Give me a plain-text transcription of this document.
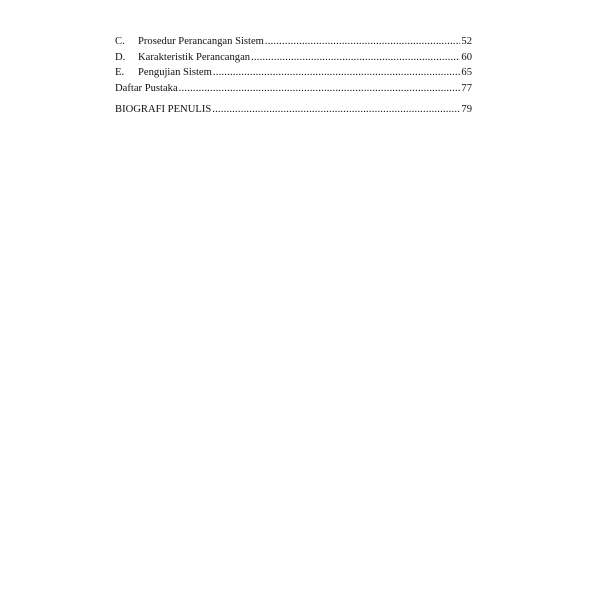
C.	Prosedur Perancangan Sistem .....	52
D.	Karakteristik Perancangan .....	60
E.	Pengujian Sistem .....	65
Daftar Pustaka .....	77
BIOGRAFI PENULIS .....	79
